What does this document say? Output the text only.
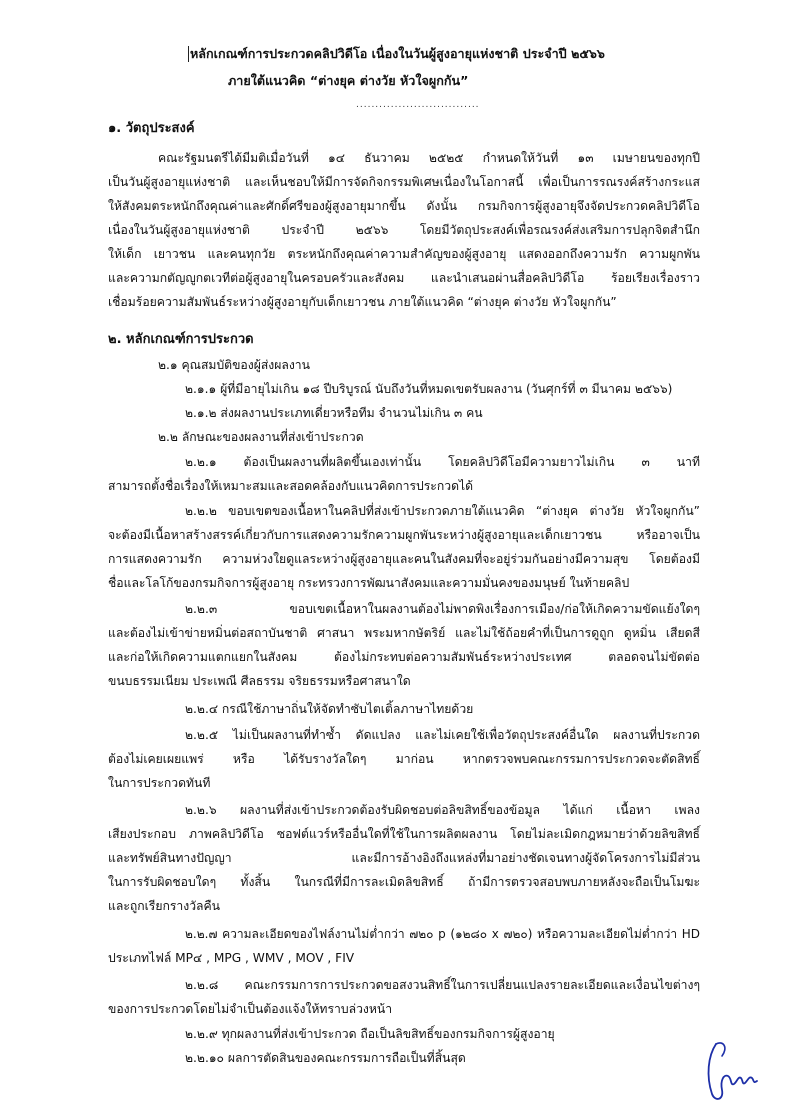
หลักเกณฑ์การประกวดคลิปวิดีโอ เนื่องในวันผู้สูงอายุแห่งชาติ ประจำปี ๒๕๖๖
ภายใต้แนวคิด “ต่างยุค ต่างวัย หัวใจผูกกัน”
................................
๑. วัตถุประสงค์
คณะรัฐมนตรีได้มีมติเมื่อวันที่ ๑๔ ธันวาคม ๒๕๒๕ กำหนดให้วันที่ ๑๓ เมษายนของทุกปี
เป็นวันผู้สูงอายุแห่งชาติ และเห็นชอบให้มีการจัดกิจกรรมพิเศษเนื่องในโอกาสนี้ เพื่อเป็นการรณรงค์สร้างกระแส
ให้สังคมตระหนักถึงคุณค่าและศักดิ์ศรีของผู้สูงอายุมากขึ้น ดังนั้น กรมกิจการผู้สูงอายุจึงจัดประกวดคลิปวิดีโอ
เนื่องในวันผู้สูงอายุแห่งชาติ ประจำปี ๒๕๖๖ โดยมีวัตถุประสงค์เพื่อรณรงค์ส่งเสริมการปลุกจิตสำนึก
ให้เด็ก เยาวชน และคนทุกวัย ตระหนักถึงคุณค่าความสำคัญของผู้สูงอายุ แสดงออกถึงความรัก ความผูกพัน
และความกตัญญูกตเวทีต่อผู้สูงอายุในครอบครัวและสังคม และนำเสนอผ่านสื่อคลิปวิดีโอ ร้อยเรียงเรื่องราว
เชื่อมร้อยความสัมพันธ์ระหว่างผู้สูงอายุกับเด็กเยาวชน ภายใต้แนวคิด “ต่างยุค ต่างวัย หัวใจผูกกัน”
๒. หลักเกณฑ์การประกวด
๒.๑ คุณสมบัติของผู้ส่งผลงาน
๒.๑.๑ ผู้ที่มีอายุไม่เกิน ๑๘ ปีบริบูรณ์ นับถึงวันที่หมดเขตรับผลงาน (วันศุกร์ที่ ๓ มีนาคม ๒๕๖๖)
๒.๑.๒ ส่งผลงานประเภทเดี่ยวหรือทีม จำนวนไม่เกิน ๓ คน
๒.๒ ลักษณะของผลงานที่ส่งเข้าประกวด
๒.๒.๑ ต้องเป็นผลงานที่ผลิตขึ้นเองเท่านั้น โดยคลิปวิดีโอมีความยาวไม่เกิน ๓ นาที
สามารถตั้งชื่อเรื่องให้เหมาะสมและสอดคล้องกับแนวคิดการประกวดได้
๒.๒.๒ ขอบเขตของเนื้อหาในคลิปที่ส่งเข้าประกวดภายใต้แนวคิด “ต่างยุค ต่างวัย หัวใจผูกกัน”
จะต้องมีเนื้อหาสร้างสรรค์เกี่ยวกับการแสดงความรักความผูกพันระหว่างผู้สูงอายุและเด็กเยาวชน หรืออาจเป็น
การแสดงความรัก ความห่วงใยดูแลระหว่างผู้สูงอายุและคนในสังคมที่จะอยู่ร่วมกันอย่างมีความสุข โดยต้องมี
ชื่อและโลโก้ของกรมกิจการผู้สูงอายุ กระทรวงการพัฒนาสังคมและความมั่นคงของมนุษย์ ในท้ายคลิป
๒.๒.๓ ขอบเขตเนื้อหาในผลงานต้องไม่พาดพิงเรื่องการเมือง/ก่อให้เกิดความขัดแย้งใดๆ
และต้องไม่เข้าข่ายหมิ่นต่อสถาบันชาติ ศาสนา พระมหากษัตริย์ และไม่ใช้ถ้อยคำที่เป็นการดูถูก ดูหมิ่น เสียดสี
และก่อให้เกิดความแตกแยกในสังคม ต้องไม่กระทบต่อความสัมพันธ์ระหว่างประเทศ ตลอดจนไม่ขัดต่อ
ขนบธรรมเนียม ประเพณี ศีลธรรม จริยธรรมหรือศาสนาใด
๒.๒.๔ กรณีใช้ภาษาถิ่นให้จัดทำซับไตเติ้ลภาษาไทยด้วย
๒.๒.๕ ไม่เป็นผลงานที่ทำซ้ำ ดัดแปลง และไม่เคยใช้เพื่อวัตถุประสงค์อื่นใด ผลงานที่ประกวด
ต้องไม่เคยเผยแพร่ หรือ ได้รับรางวัลใดๆ มาก่อน หากตรวจพบคณะกรรมการประกวดจะตัดสิทธิ์
ในการประกวดทันที
๒.๒.๖ ผลงานที่ส่งเข้าประกวดต้องรับผิดชอบต่อลิขสิทธิ์ของข้อมูล ได้แก่ เนื้อหา เพลง
เสียงประกอบ ภาพคลิปวิดีโอ ซอฟต์แวร์หรืออื่นใดที่ใช้ในการผลิตผลงาน โดยไม่ละเมิดกฎหมายว่าด้วยลิขสิทธิ์
และทรัพย์สินทางปัญญา และมีการอ้างอิงถึงแหล่งที่มาอย่างชัดเจนทางผู้จัดโครงการไม่มีส่วน
ในการรับผิดชอบใดๆ ทั้งสิ้น ในกรณีที่มีการละเมิดลิขสิทธิ์ ถ้ามีการตรวจสอบพบภายหลังจะถือเป็นโมฆะ
และถูกเรียกรางวัลคืน
๒.๒.๗ ความละเอียดของไฟล์งานไม่ต่ำกว่า ๗๒๐ p (๑๒๘๐ x ๗๒๐) หรือความละเอียดไม่ต่ำกว่า HD
ประเภทไฟล์ MP๔ , MPG , WMV , MOV , FIV
๒.๒.๘ คณะกรรมการการประกวดขอสงวนสิทธิ์ในการเปลี่ยนแปลงรายละเอียดและเงื่อนไขต่างๆ
ของการประกวดโดยไม่จำเป็นต้องแจ้งให้ทราบล่วงหน้า
๒.๒.๙ ทุกผลงานที่ส่งเข้าประกวด ถือเป็นลิขสิทธิ์ของกรมกิจการผู้สูงอายุ
๒.๒.๑๐ ผลการตัดสินของคณะกรรมการถือเป็นที่สิ้นสุด
